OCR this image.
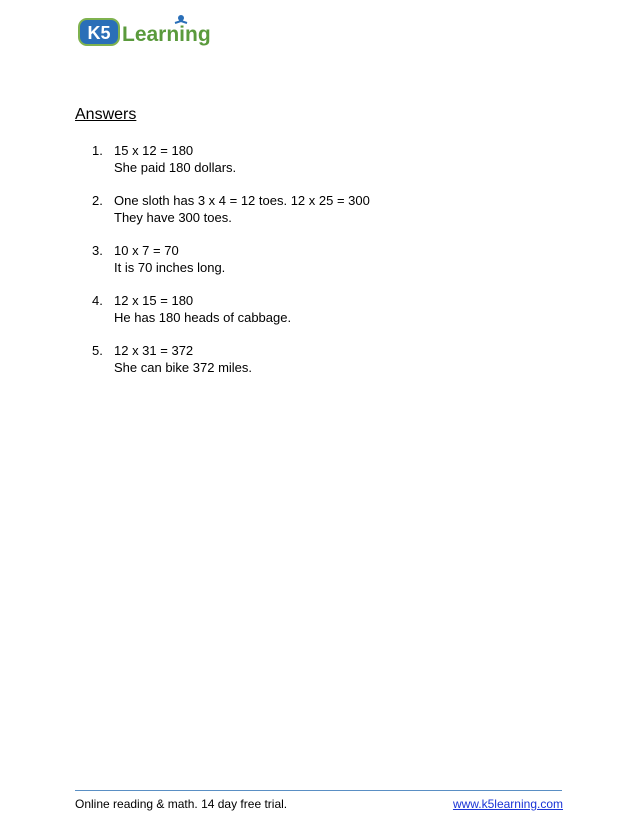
K5 Learning
Answers
1. 15 x 12 = 180
She paid 180 dollars.
2. One sloth has 3 x 4 = 12 toes. 12 x 25 = 300
They have 300 toes.
3. 10 x 7 = 70
It is 70 inches long.
4. 12 x 15 = 180
He has 180 heads of cabbage.
5. 12 x 31 = 372
She can bike 372 miles.
Online reading & math. 14 day free trial.	www.k5learning.com
